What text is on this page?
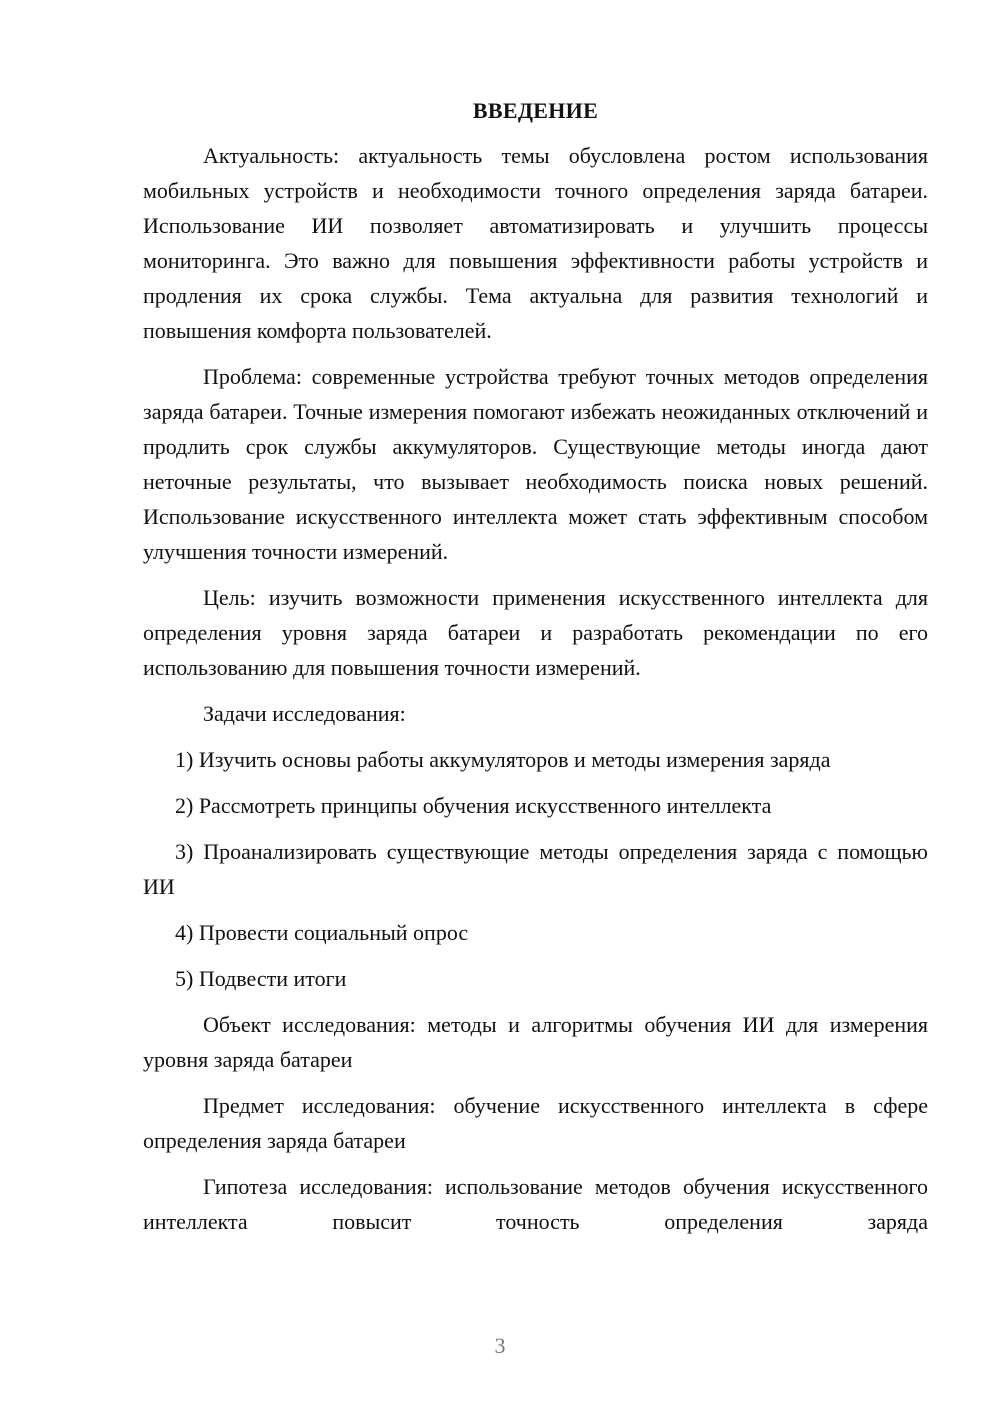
ВВЕДЕНИЕ

Актуальность: актуальность темы обусловлена ростом использования мобильных устройств и необходимости точного определения заряда батареи. Использование ИИ позволяет автоматизировать и улучшить процессы мониторинга. Это важно для повышения эффективности работы устройств и продления их срока службы. Тема актуальна для развития технологий и повышения комфорта пользователей.

Проблема: современные устройства требуют точных методов определения заряда батареи. Точные измерения помогают избежать неожиданных отключений и продлить срок службы аккумуляторов. Существующие методы иногда дают неточные результаты, что вызывает необходимость поиска новых решений. Использование искусственного интеллекта может стать эффективным способом улучшения точности измерений.

Цель: изучить возможности применения искусственного интеллекта для определения уровня заряда батареи и разработать рекомендации по его использованию для повышения точности измерений.

Задачи исследования:

1) Изучить основы работы аккумуляторов и методы измерения заряда

2) Рассмотреть принципы обучения искусственного интеллекта

3) Проанализировать существующие методы определения заряда с помощью ИИ

4) Провести социальный опрос

5) Подвести итоги

Объект исследования: методы и алгоритмы обучения ИИ для измерения уровня заряда батареи

Предмет исследования: обучение искусственного интеллекта в сфере определения заряда батареи

Гипотеза исследования: использование методов обучения искусственного интеллекта повысит точность определения заряда

3
